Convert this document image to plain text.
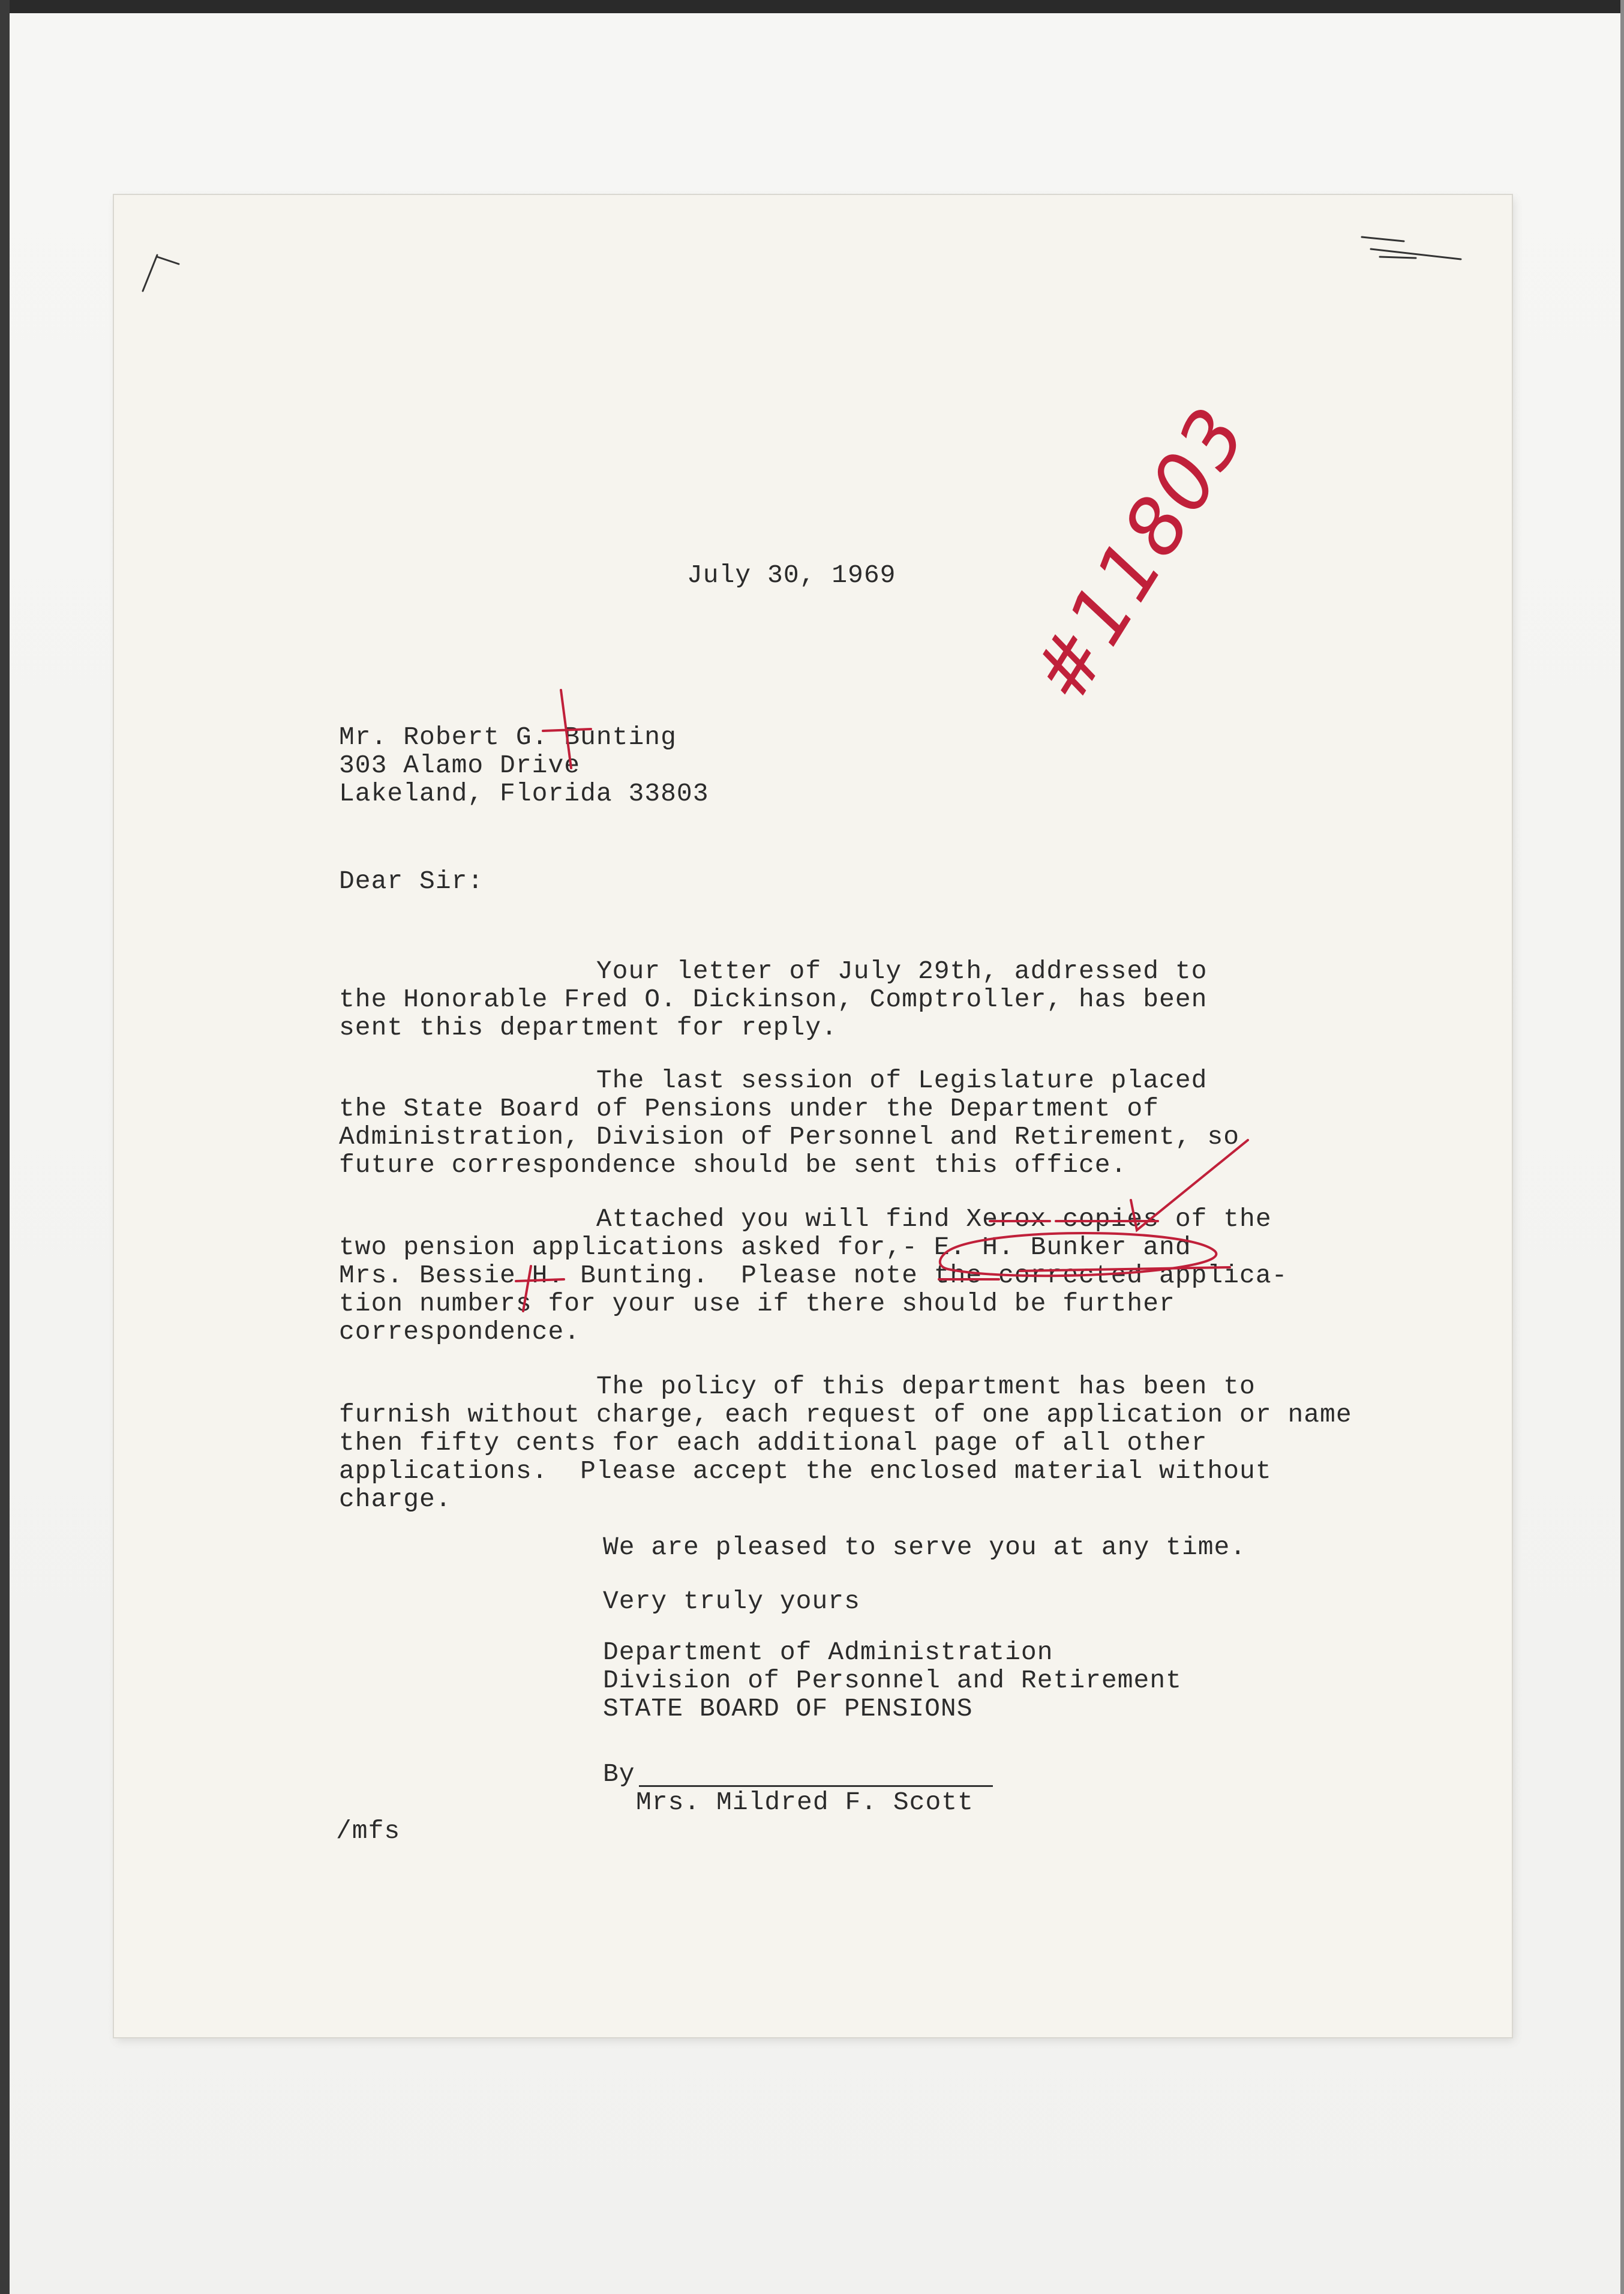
July 30, 1969
Mr. Robert G. Bunting
303 Alamo Drive
Lakeland, Florida 33803
Dear Sir:
Your letter of July 29th, addressed to
the Honorable Fred O. Dickinson, Comptroller, has been
sent this department for reply.
The last session of Legislature placed
the State Board of Pensions under the Department of
Administration, Division of Personnel and Retirement, so
future correspondence should be sent this office.
Attached you will find Xerox copies of the
two pension applications asked for,- E. H. Bunker and
Mrs. Bessie H. Bunting.  Please note the corrected applica-
tion numbers for your use if there should be further
correspondence.
The policy of this department has been to
furnish without charge, each request of one application or name
then fifty cents for each additional page of all other
applications.  Please accept the enclosed material without
charge.
We are pleased to serve you at any time.
Very truly yours
Department of Administration
Division of Personnel and Retirement
STATE BOARD OF PENSIONS
By
Mrs. Mildred F. Scott
/mfs
#11803
